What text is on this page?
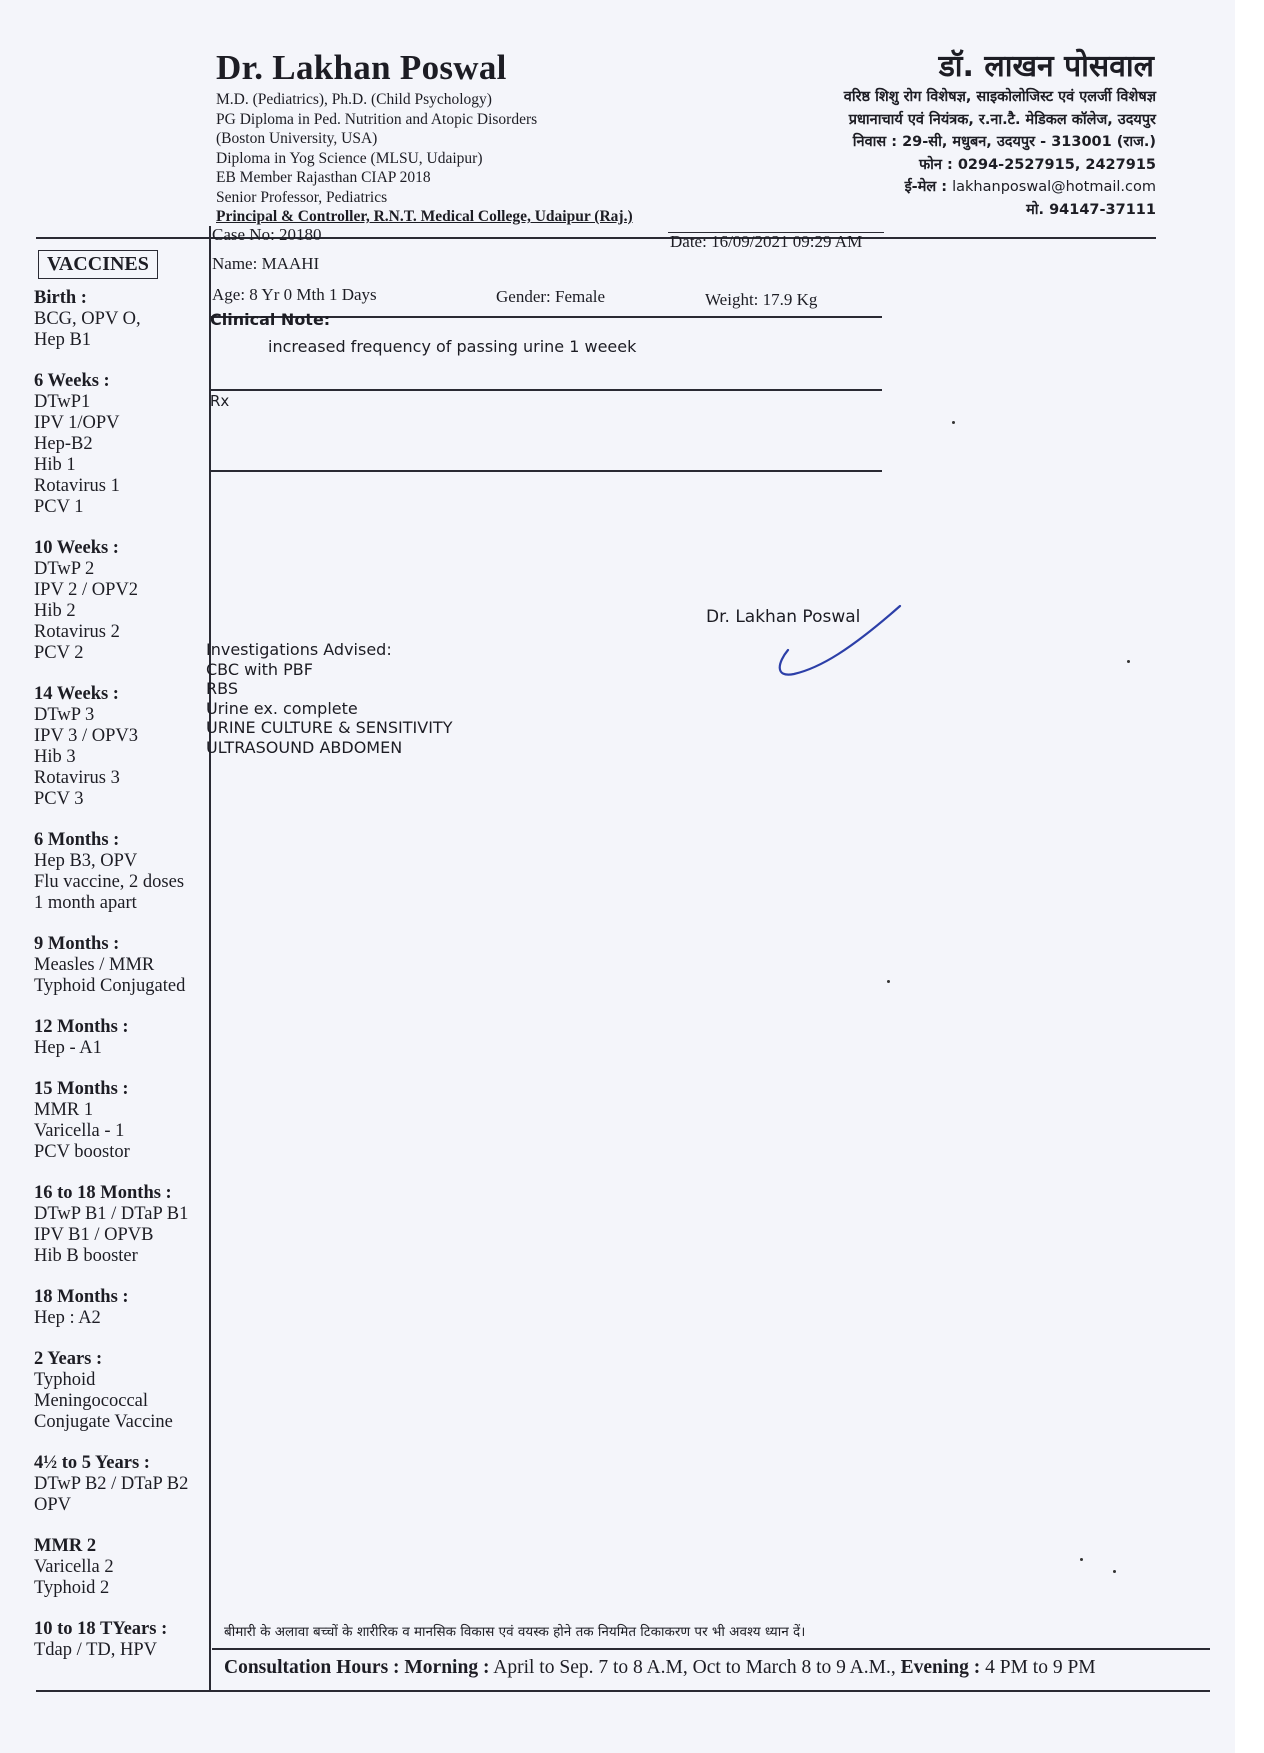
Dr. Lakhan Poswal
M.D. (Pediatrics), Ph.D. (Child Psychology)
PG Diploma in Ped. Nutrition and Atopic Disorders
(Boston University, USA)
Diploma in Yog Science (MLSU, Udaipur)
EB Member Rajasthan CIAP 2018
Senior Professor, Pediatrics
Principal & Controller, R.N.T. Medical College, Udaipur (Raj.)
डॉ. लाखन पोसवाल
वरिष्ठ शिशु रोग विशेषज्ञ, साइकोलोजिस्ट एवं एलर्जी विशेषज्ञ
प्रधानाचार्य एवं नियंत्रक, र.ना.टै. मेडिकल कॉलेज, उदयपुर
निवास : 29-सी, मधुबन, उदयपुर - 313001 (राज.)
फोन : 0294-2527915, 2427915
ई-मेल : lakhanposwal@hotmail.com
मो. 94147-37111
Case No: 20180	Date: 16/09/2021 09:29 AM
Name: MAAHI
Age: 8 Yr 0 Mth 1 Days	Gender: Female	Weight: 17.9 Kg
Clinical Note:
increased frequency of passing urine 1 weeek
Rx
Dr. Lakhan Poswal
Investigations Advised:
CBC with PBF
RBS
Urine ex. complete
URINE CULTURE & SENSITIVITY
ULTRASOUND ABDOMEN
VACCINES
Birth :
BCG, OPV O,
Hep B1
6 Weeks :
DTwP1
IPV 1/OPV
Hep-B2
Hib 1
Rotavirus 1
PCV 1
10 Weeks :
DTwP 2
IPV 2 / OPV2
Hib 2
Rotavirus 2
PCV 2
14 Weeks :
DTwP 3
IPV 3 / OPV3
Hib 3
Rotavirus 3
PCV 3
6 Months :
Hep B3, OPV
Flu vaccine, 2 doses
1 month apart
9 Months :
Measles / MMR
Typhoid Conjugated
12 Months :
Hep - A1
15 Months :
MMR 1
Varicella - 1
PCV boostor
16 to 18 Months :
DTwP B1 / DTaP B1
IPV B1 / OPVB
Hib B booster
18 Months :
Hep : A2
2 Years :
Typhoid
Meningococcal
Conjugate Vaccine
4½ to 5 Years :
DTwP B2 / DTaP B2
OPV
MMR 2
Varicella 2
Typhoid 2
10 to 18 TYears :
Tdap / TD, HPV
बीमारी के अलावा बच्चों के शारीरिक व मानसिक विकास एवं वयस्क होने तक नियमित टिकाकरण पर भी अवश्य ध्यान दें।
Consultation Hours : Morning : April to Sep. 7 to 8 A.M, Oct to March 8 to 9 A.M., Evening : 4 PM to 9 PM
